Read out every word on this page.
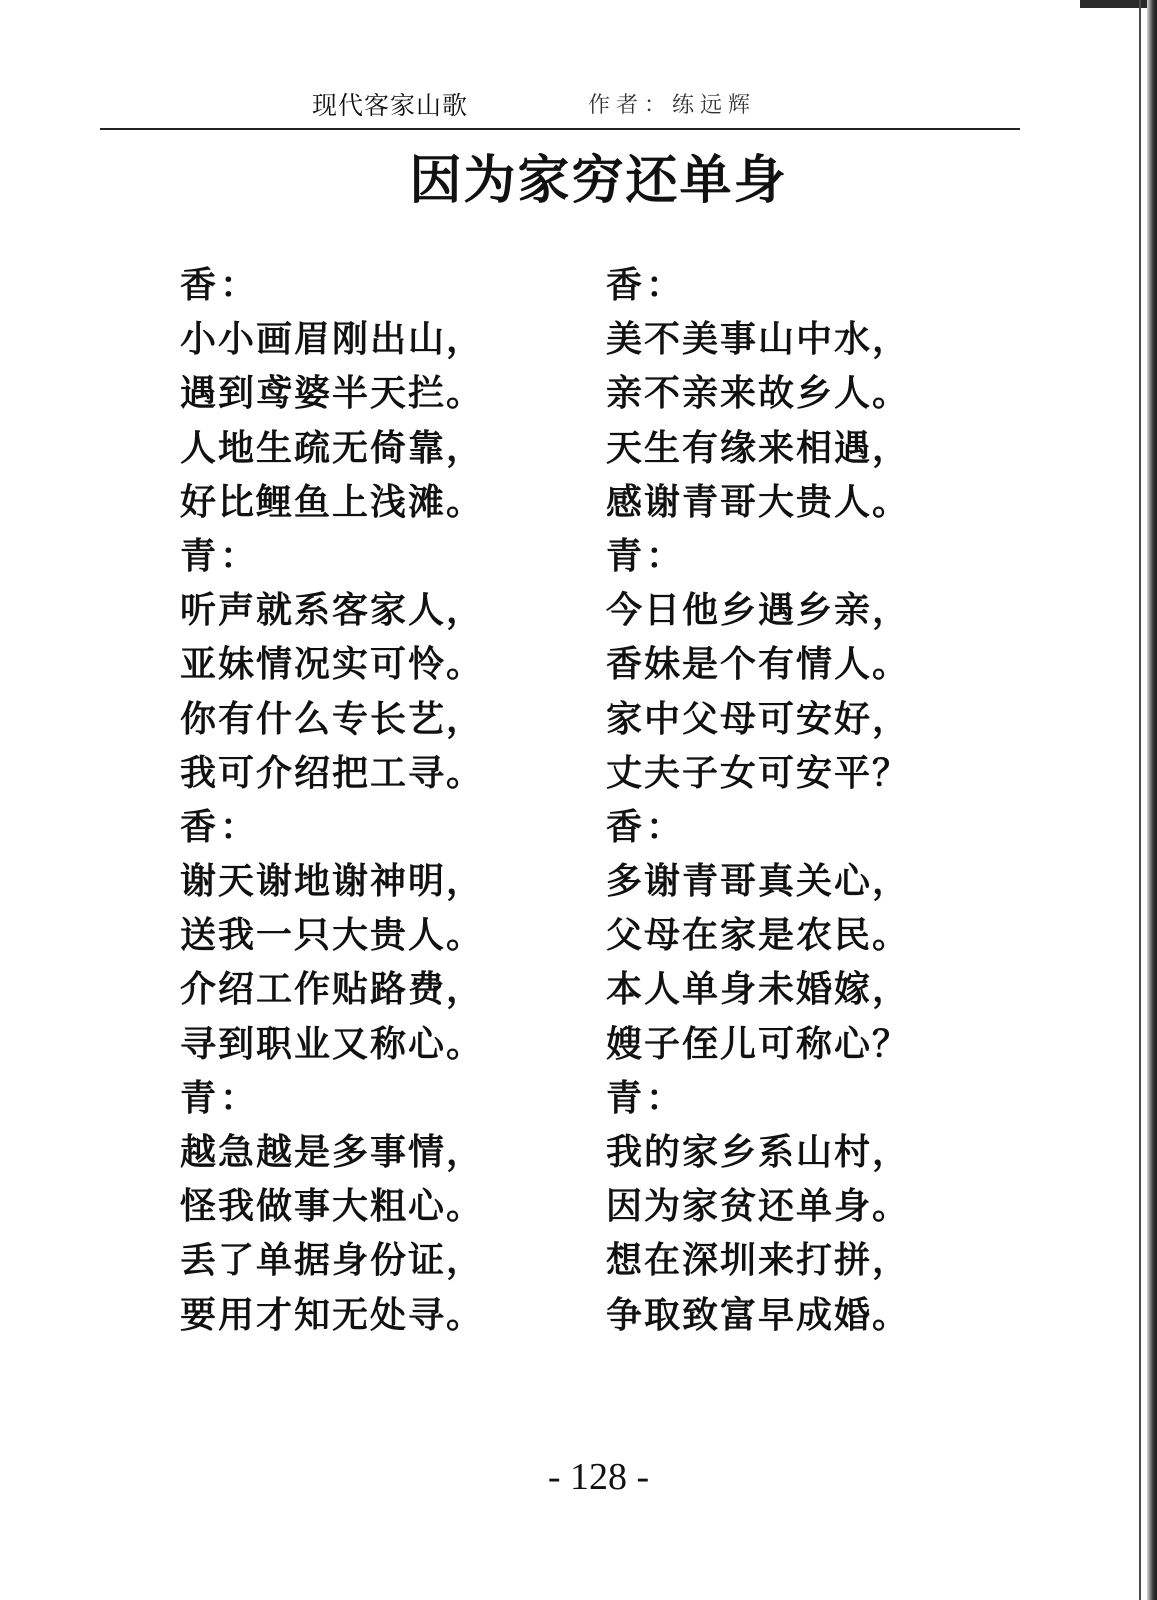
现代客家山歌	作者：练远辉
因为家穷还单身
香：
小小画眉刚出山，
遇到鸢婆半天拦。
人地生疏无倚靠，
好比鲤鱼上浅滩。
青：
听声就系客家人，
亚妹情况实可怜。
你有什么专长艺，
我可介绍把工寻。
香：
谢天谢地谢神明，
送我一只大贵人。
介绍工作贴路费，
寻到职业又称心。
青：
越急越是多事情，
怪我做事大粗心。
丢了单据身份证，
要用才知无处寻。
香：
美不美事山中水，
亲不亲来故乡人。
天生有缘来相遇，
感谢青哥大贵人。
青：
今日他乡遇乡亲，
香妹是个有情人。
家中父母可安好，
丈夫子女可安平？
香：
多谢青哥真关心，
父母在家是农民。
本人单身未婚嫁，
嫂子侄儿可称心？
青：
我的家乡系山村，
因为家贫还单身。
想在深圳来打拼，
争取致富早成婚。
- 128 -
